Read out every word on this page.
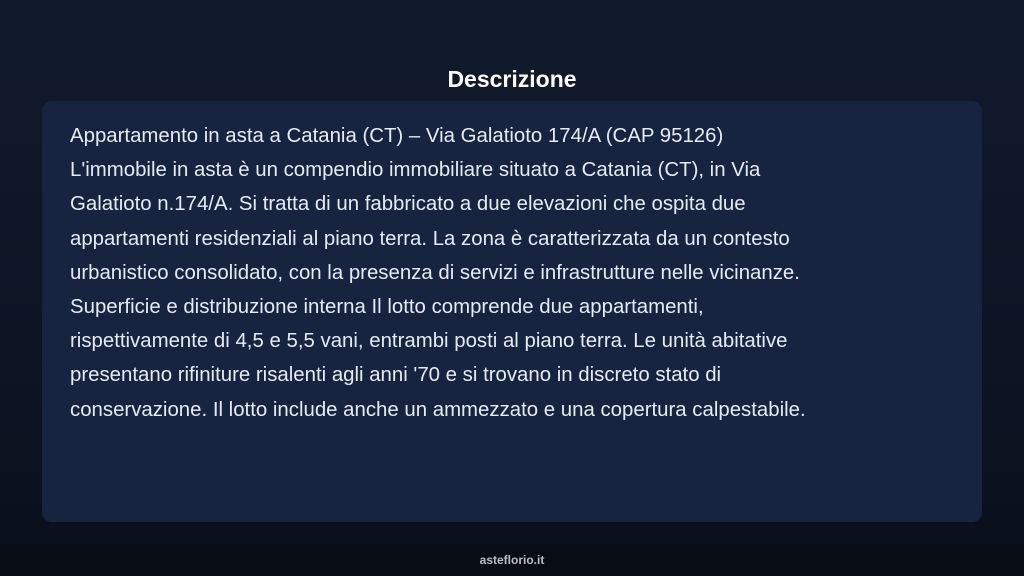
Descrizione

Appartamento in asta a Catania (CT) – Via Galatioto 174/A (CAP 95126)
L'immobile in asta è un compendio immobiliare situato a Catania (CT), in Via
Galatioto n.174/A. Si tratta di un fabbricato a due elevazioni che ospita due
appartamenti residenziali al piano terra. La zona è caratterizzata da un contesto
urbanistico consolidato, con la presenza di servizi e infrastrutture nelle vicinanze.
Superficie e distribuzione interna Il lotto comprende due appartamenti,
rispettivamente di 4,5 e 5,5 vani, entrambi posti al piano terra. Le unità abitative
presentano rifiniture risalenti agli anni '70 e si trovano in discreto stato di
conservazione. Il lotto include anche un ammezzato e una copertura calpestabile.

asteflorio.it
